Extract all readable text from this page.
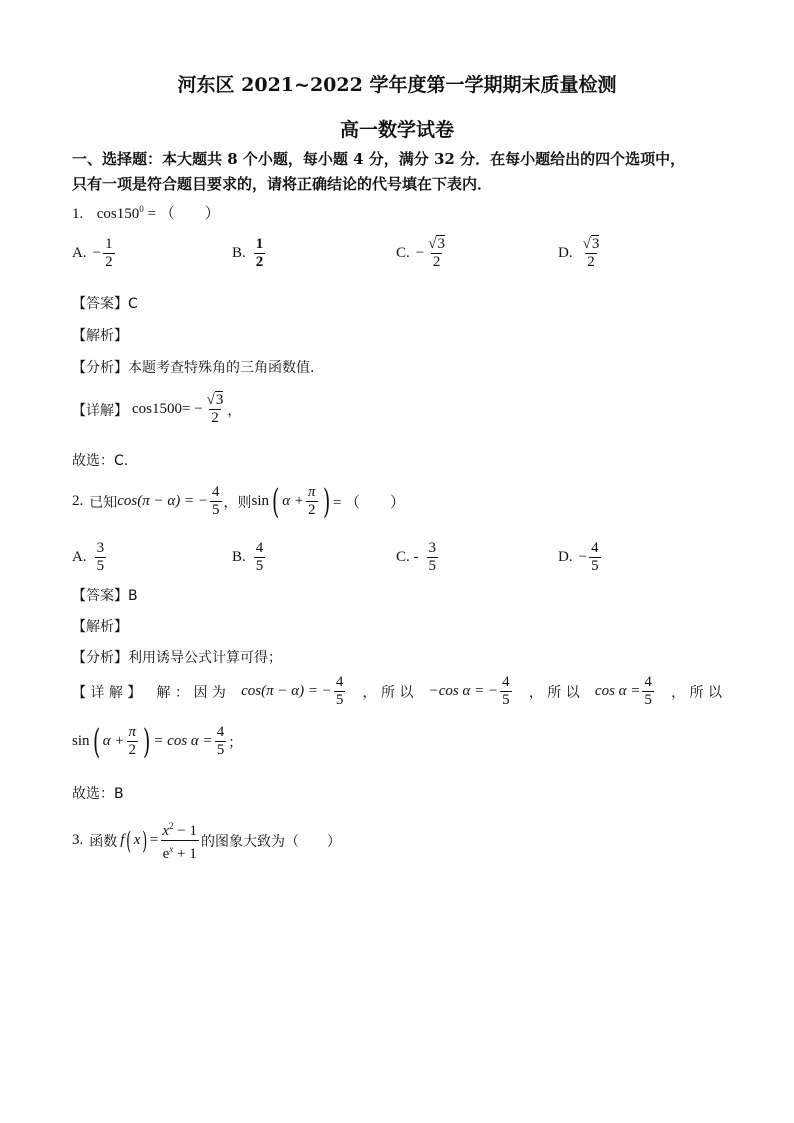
河东区 2021~2022 学年度第一学期期末质量检测
高一数学试卷
一、选择题：本大题共 8 个小题，每小题 4 分，满分 32 分．在每小题给出的四个选项中，
只有一项是符合题目要求的，请将正确结论的代号填在下表内．
1. $\cos 150^0$ = （　　）
A. − $\frac{1}{2}$	B. $\frac{1}{2}$	C. − $\frac{√3}{2}$	D. $\frac{√3}{2}$
【答案】C
【解析】
【分析】本题考查特殊角的三角函数值.
【详解】 cos150 0 = − $\frac{√3}{2}$ ，
故选：C.
2. 已知 cos(π − α) = − $\frac{4}{5}$ ，则 sin ( $\alpha + \frac{\pi}{2}$ ) = （　　）
A. $\frac{3}{5}$	B. $\frac{4}{5}$	C. - $\frac{3}{5}$	D. − $\frac{4}{5}$
【答案】B
【解析】
【分析】利用诱导公式计算可得；
【 详 解 】 解 ： 因 为 cos(π − α) = − $\frac{4}{5}$ ， 所 以 −cos α = − $\frac{4}{5}$ ， 所 以 $\cos \alpha = \frac{4}{5}$ ， 所 以
sin ( $\alpha + \frac{\pi}{2}$ ) = $\cos \alpha = \frac{4}{5}$ ；
故选：B
3. 函数 f ( x ) = $\frac{x^2 - 1}{e^x + 1}$ 的图象大致为（　　）
